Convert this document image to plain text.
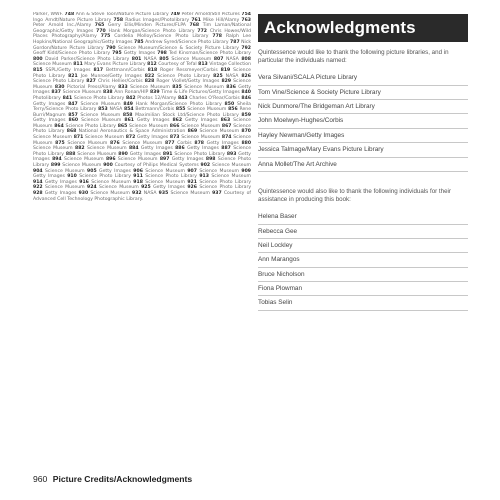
Parker, WWF. 748 Ann & Steve Toon/Nature Picture Library 749 Peter Arnold/Still Pictures 754 Ingo Arndt/Nature Picture Library 758 Radius Images/Photolibrary 761 Mike Hill/Alamy 763 Peter Arnold Inc./Alamy 765 Gerry Ellis/Minden Pictures/FLPA 768 Tim Laman/National Geographic/Getty Images 770 Hank Morgan/Science Photo Library 772 Chris Howes/Wild Places Photography/Alamy 775 Cordelia Molloy/Science Photo Library 778 Ralph Lee Hopkins/National Geographic/Getty Images 785 Andrew Syred/Science Photo Library 787 Nick Gordon/Nature Picture Library 790 Science Museum/Science & Society Picture Library 792 Geoff Kidd/Science Photo Library 795 Getty Images 798 Ted Kinsman/Science Photo Library 800 David Parker/Science Photo Library 801 NASA 805 Science Museum 807 NASA 808 Science Museum 811 Mary Evans Picture Library 812 Courtesy of Tefal 813 Vintage Collection 815 SSPL/Getty Images 817 Bettmann/Corbis 818 Roger Ressmeyer/Corbis 819 Science Photo Library 821 Joe Munroe/Getty Images 822 Science Photo Library 825 NASA 826 Science Photo Library 827 Chris Hellier/Corbis 828 Roger Viollet/Getty Images 829 Science Museum 830 Pictorial Press/Alamy 833 Science Museum 835 Science Museum 836 Getty Images 837 Science Museum 838 Ann Ronan/HIP 839 Time & Life Pictures/Getty Images 840 Photolibrary 841 Science Photo Library 842 Photos 12/Alamy 843 Charles O'Rear/Corbis 846 Getty Images 847 Science Museum 849 Hank Morgan/Science Photo Library 850 Sheila Terry/Science Photo Library 853 NASA 854 Bettmann/Corbis 855 Science Museum 856 Rene Burri/Magnum 857 Science Museum 858 Maximilian Stock Ltd/Science Photo Library 859 Getty Images 860 Science Museum 861 Getty Images 862 Getty Images 863 Science Museum 864 Science Photo Library 865 Science Museum 866 Science Museum 867 Science Photo Library 868 National Aeronautics & Space Administration 869 Science Museum 870 Science Museum 871 Science Museum 872 Getty Images 873 Science Museum 874 Science Museum 875 Science Museum 876 Science Museum 877 Corbis 878 Getty Images 880 Science Museum 882 Science Museum 884 Getty Images 886 Getty Images 887 Science Photo Library 888 Science Museum 890 Getty Images 891 Science Photo Library 893 Getty Images 894 Science Museum 896 Science Museum 897 Getty Images 898 Science Photo Library 899 Science Museum 900 Courtesy of Philips Medical Systems 902 Science Museum 904 Science Museum 905 Getty Images 906 Science Museum 907 Science Museum 909 Getty Images 910 Science Photo Library 911 Science Photo Library 913 Science Museum 914 Getty Images 916 Science Museum 918 Science Museum 921 Science Photo Library 922 Science Museum 924 Science Museum 925 Getty Images 926 Science Photo Library 928 Getty Images 930 Science Museum 932 NASA 935 Science Museum 937 Courtesy of Advanced Cell Technology Photographic Library.
Acknowledgments

Quintessence would like to thank the following picture libraries, and in particular the individuals named:

Vera Silvani/SCALA Picture Library
Tom Vine/Science & Society Picture Library
Nick Dunmore/The Bridgeman Art Library
John Moelwyn-Hughes/Corbis
Hayley Newman/Getty Images
Jessica Talmage/Mary Evans Picture Library
Anna Mollet/The Art Archive

Quintessence would also like to thank the following individuals for their assistance in producing this book:

Helena Baser
Rebecca Gee
Neil Lockley
Ann Marangos
Bruce Nicholson
Fiona Plowman
Tobias Selin
960 Picture Credits/Acknowledgments
